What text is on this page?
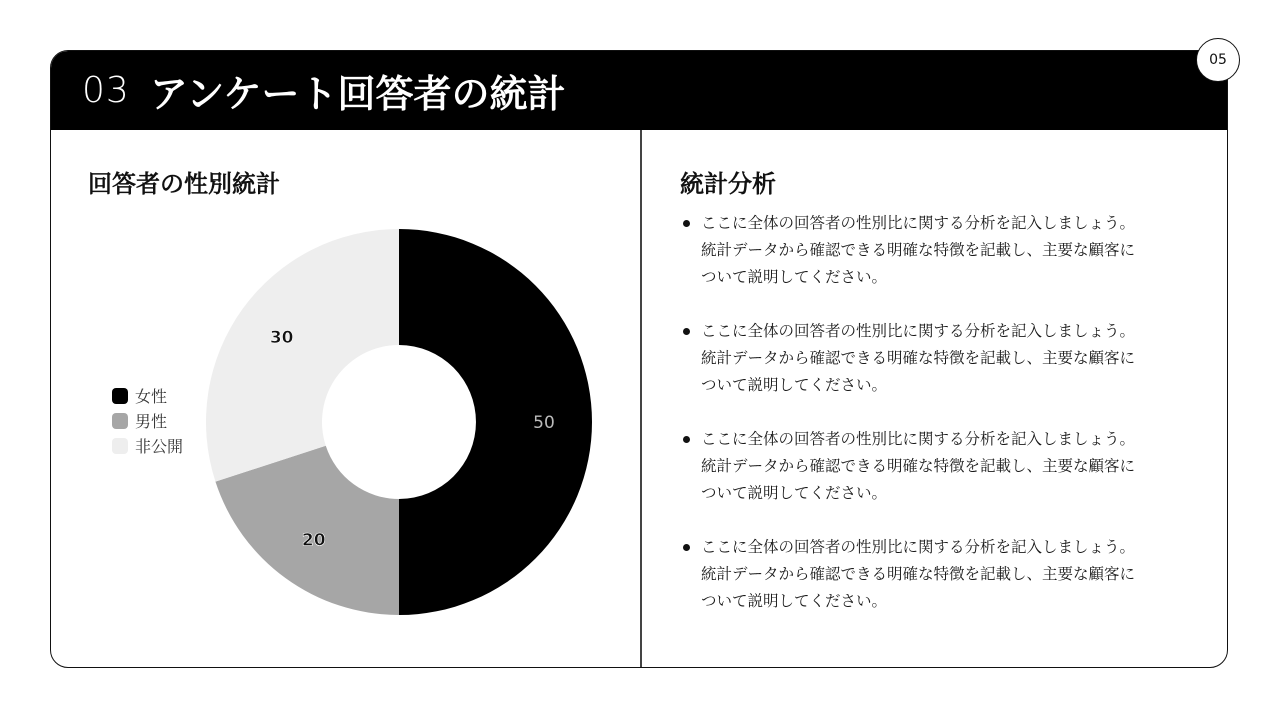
03 アンケート回答者の統計
05
回答者の性別統計	統計分析
50
20
30
女性
男性
非公開
ここに全体の回答者の性別比に関する分析を記入しましょう。
統計データから確認できる明確な特徴を記載し、主要な顧客に
ついて説明してください。
ここに全体の回答者の性別比に関する分析を記入しましょう。
統計データから確認できる明確な特徴を記載し、主要な顧客に
ついて説明してください。
ここに全体の回答者の性別比に関する分析を記入しましょう。
統計データから確認できる明確な特徴を記載し、主要な顧客に
ついて説明してください。
ここに全体の回答者の性別比に関する分析を記入しましょう。
統計データから確認できる明確な特徴を記載し、主要な顧客に
ついて説明してください。
